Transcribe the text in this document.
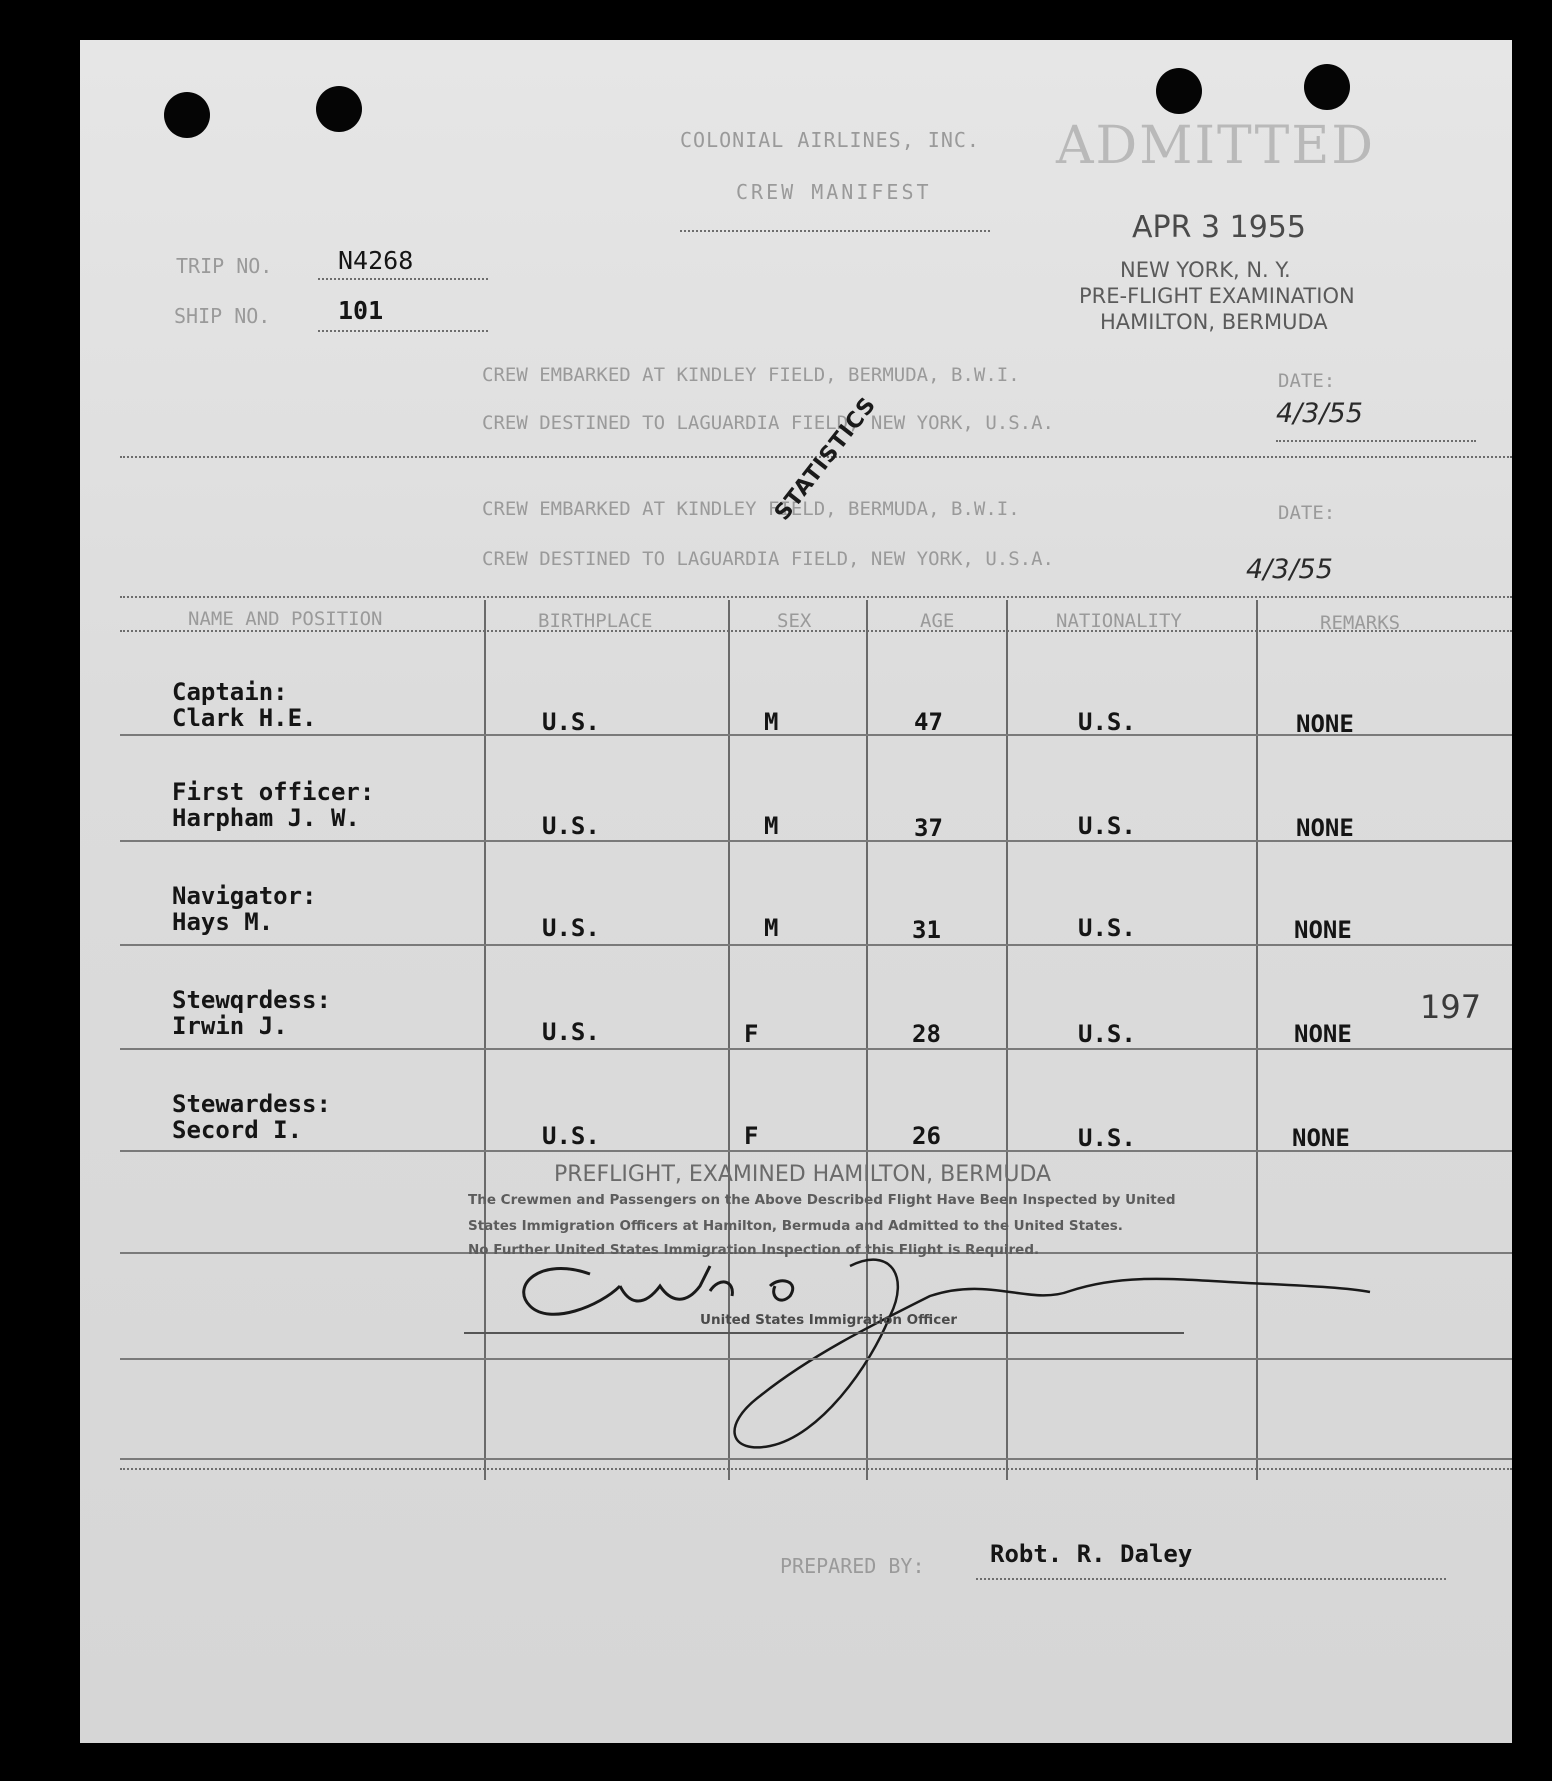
COLONIAL AIRLINES, INC.
CREW MANIFEST
TRIP NO.	N4268
SHIP NO.	101
ADMITTED
APR 3 1955
NEW YORK, N. Y.
PRE-FLIGHT EXAMINATION
HAMILTON, BERMUDA
CREW EMBARKED AT KINDLEY FIELD, BERMUDA, B.W.I.
CREW DESTINED TO LAGUARDIA FIELD, NEW YORK, U.S.A.
DATE:
4/3/55
CREW EMBARKED AT KINDLEY FIELD, BERMUDA, B.W.I.
CREW DESTINED TO LAGUARDIA FIELD, NEW YORK, U.S.A.
DATE:
4/3/55
STATISTICS
NAME AND POSITION	BIRTHPLACE	SEX	AGE	NATIONALITY	REMARKS
Captain:
Clark H.E.	U.S.	M	47	U.S.	NONE
First officer:
Harpham J. W.	U.S.	M	37	U.S.	NONE
Navigator:
Hays M.	U.S.	M	31	U.S.	NONE
Stewqrdess:
Irwin J.	U.S.	F	28	U.S.	NONE
197
Stewardess:
Secord I.	U.S.	F	26	U.S.	NONE
PREFLIGHT, EXAMINED HAMILTON, BERMUDA
The Crewmen and Passengers on the Above Described Flight Have Been Inspected by United
States Immigration Officers at Hamilton, Bermuda and Admitted to the United States.
No Further United States Immigration Inspection of this Flight is Required.
United States Immigration Officer
PREPARED BY:	Robt. R. Daley
